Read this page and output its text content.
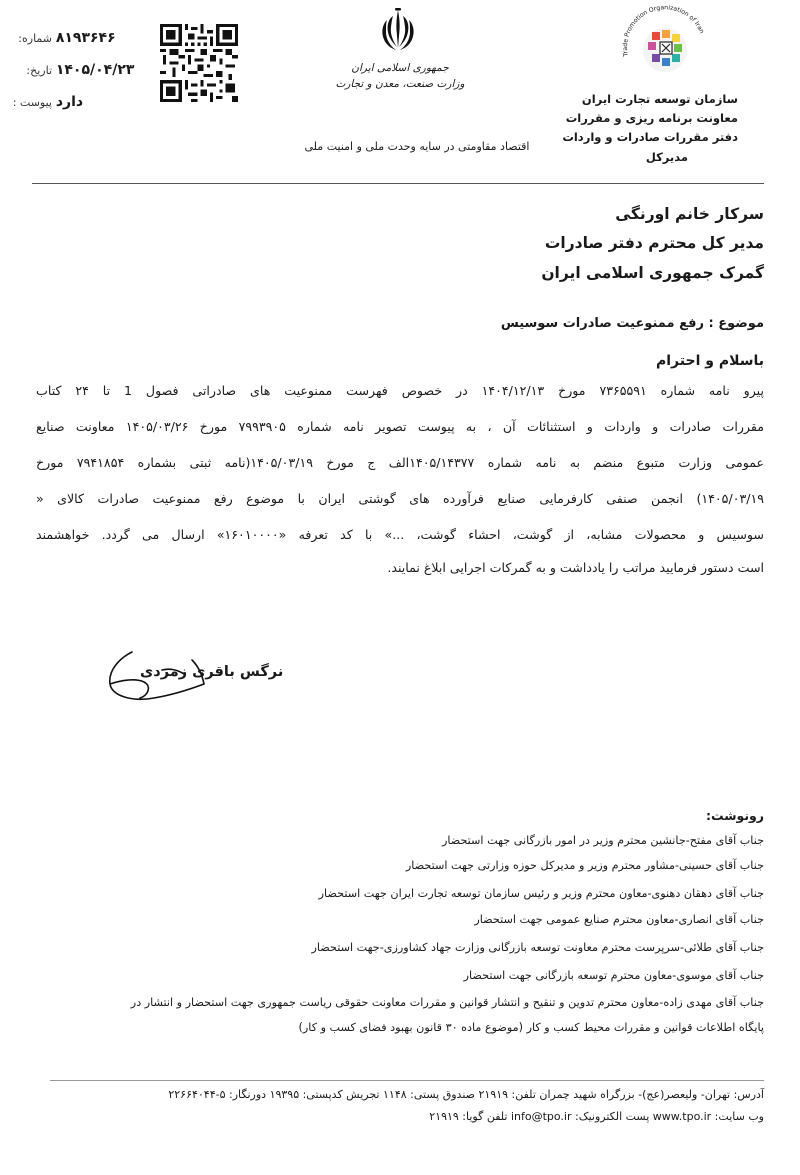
شماره: ۸۱۹۳۶۴۶
تاریخ: ۱۴۰۵/۰۴/۲۳
پیوست : دارد
جمهوری اسلامی ایران
وزارت صنعت، معدن و تجارت
اقتصاد مقاومتی در سایه وحدت ملی و امنیت ملی
Trade Promotion Organization of Iran
سازمان توسعه تجارت ایران
معاونت برنامه ریزی و مقررات
دفتر مقررات صادرات و واردات
مدیرکل
سرکار خانم اورنگی
مدیر کل محترم دفتر صادرات
گمرک جمهوری اسلامی ایران
موضوع : رفع ممنوعیت صادرات سوسیس
باسلام و احترام
پیرو نامه شماره ۷۳۶۵۵۹۱ مورخ ۱۴۰۴/۱۲/۱۳ در خصوص فهرست ممنوعیت های صادراتی فصول 1 تا ۲۴ کتاب
مقررات صادرات و واردات و استثنائات آن ، به پیوست تصویر نامه شماره ۷۹۹۳۹۰۵ مورخ ۱۴۰۵/۰۳/۲۶ معاونت صنایع
عمومی وزارت متبوع منضم به نامه شماره ۱۴۰۵/۱۴۳۷۷الف ج مورخ ۱۴۰۵/۰۳/۱۹(نامه ثبتی بشماره ۷۹۴۱۸۵۴ مورخ
۱۴۰۵/۰۳/۱۹) انجمن صنفی کارفرمایی صنایع فرآورده های گوشتی ایران با موضوع رفع ممنوعیت صادرات کالای «
سوسیس و محصولات مشابه، از گوشت، احشاء گوشت، ...» با کد تعرفه «۱۶۰۱۰۰۰۰» ارسال می گردد. خواهشمند
است دستور فرمایید مراتب را یادداشت و به گمرکات اجرایی ابلاغ نمایند.
نرگس باقری زمردی
رونوشت:
جناب آقای مفتح-جانشین محترم وزیر در امور بازرگانی جهت استحضار
جناب آقای حسینی-مشاور محترم وزیر و مدیرکل حوزه وزارتی جهت استحضار
جناب آقای دهقان دهنوی-معاون محترم وزیر و رئیس سازمان توسعه تجارت ایران جهت استحضار
جناب آقای انصاری-معاون محترم صنایع عمومی جهت استحضار
جناب آقای طلائی-سرپرست محترم معاونت توسعه بازرگانی وزارت جهاد کشاورزی-جهت استحضار
جناب آقای موسوی-معاون محترم توسعه بازرگانی جهت استحضار
جناب آقای مهدی زاده-معاون محترم تدوین و تنقیح و انتشار قوانین و مقررات معاونت حقوقی ریاست جمهوری جهت استحضار و انتشار در
پایگاه اطلاعات قوانین و مقررات محیط کسب و کار (موضوع ماده ۳۰ قانون بهبود فضای کسب و کار)
آدرس: تهران- ولیعصر(عج)- بزرگراه شهید چمران تلفن: ۲۱۹۱۹ صندوق پستی: ۱۱۴۸ تجریش کدپستی: ۱۹۳۹۵ دورنگار: ۵-۲۲۶۶۴۰۴۴
وب سایت: www.tpo.ir پست الکترونیک: info@tpo.ir تلفن گویا: ۲۱۹۱۹
